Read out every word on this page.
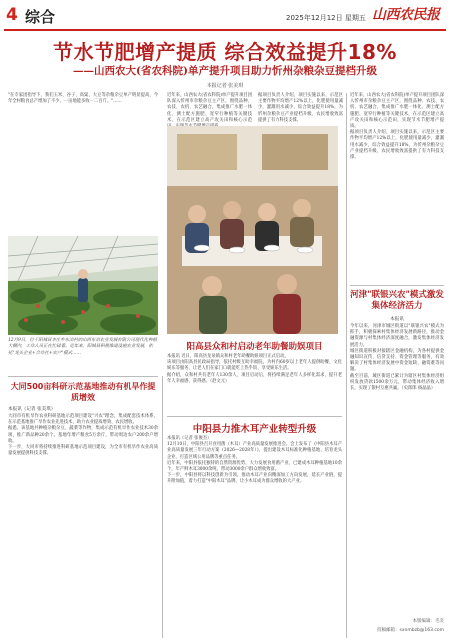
4 综合	2025年12月12日 星期五 山西农民报
节水节肥增产提质 综合效益提升18%
——山西农大(省农科院)单产提升项目助力忻州杂粮杂豆提档升级
本报记者 张美琪

"在专家团指导下，我们玉米、谷子、高粱、大豆等杂粮杂豆单产明显提高，今年全村粮食总产增加了不少，一亩地能多收一二百斤。"……

近年来，山西农大(省农科院)单产提升项目团队深入忻州市杂粮杂豆主产区，围绕品种、农技、农机、农艺融合，集成推广水肥一体化、测土配方施肥、宽窄行种植等关键技术，在示范区建立高产攻关田和核心示范

据项目负责人介绍，项目实施以来，示范区主要作物平均增产12%以上，化肥使用量减少，灌溉用水减少，综合效益提升18%，为忻州杂粮杂豆产业提档升级、农民增收致富提供了有力科技支撑。

12月9日，位于阳城县李庄乡东冶村的山西东冶农业发展有限公司现代化种植大棚内，工作人员正在忙碌着。近年来，阳城县积极推进设施农业发展，依托"龙头企业+合作社+农户"模式……

近年来，山西农大(省农科院)单产提升项目团队深入忻州市杂粮杂豆主产区，围绕品种、农技、农机、农艺融合，集成推广水肥一体化、测土配方施肥、宽窄行种植等关键技术，在示范区建立高产攻关田和核心示范田，实现节水节肥增产提质。

据项目负责人介绍，项目实施以来，示范区主要作物平均增产12%以上，化肥使用量减少，灌溉用水减少，综合效益提升18%，为忻州杂粮杂豆产业提档升级、农民增收致富提供了有力科技支撑。

河津"联银兴农"模式激发集体经济活力
本报讯

今年以来，河津市城区街道以"联银兴农"模式为抓手，积极探索村集体经济发展新路径，推动金融资源与村集体经济深度融合，激发集体经济发展活力。

城区街道积极对接辖区金融机构，为各村提供金融知识宣传、信贷支持、资金管理等服务，有效解决了村集体经济发展中资金短缺、融资难等问题。

截至目前，城区街道已累计为辖区村集体经济组织发放贷款1500余万元，带动集体经济收入增长，实现了银村互惠共赢。（史郎郎 杨晶晶）

大同500亩科研示范基地推动有机旱作提质增效
本报讯（记者 张美琪）

大同市有机旱作农业科研基地示范项目建设"兴农"理念，集成配套技术体系，在示范基地推广旱作农业先进技术，助力农业提质增效、农民增收。

据悉，该基地共种植杂粮杂豆、蔬菜等作物，集成示范有机旱作农业技术30余项，推广新品种20余个。基地年增产粮食5万余斤，带动周边农户200余户增收。

下一步，大同市将持续推进科研基地示范项目建设，为全市有机旱作农业高质量发展提供科技支撑。

阳高县众和村启动老年助餐助娱项目

本报讯 近日，阳高县龙泉镇众和村老年助餐助娱项目正式启动。

该项目由阳高县民政局指导，依托村级互助幸福院，为村内60岁以上老年人提供助餐、文化娱乐等服务，让老人们在家门口就能吃上热乎饭、享受娱乐生活。

据介绍，众和村共有老年人130余人，项目启动后，将持续满足老年人多样化需求，提升老年人幸福感、获得感。（赵文元）

中阳县力推木耳产业转型升级

本报讯（记者 张俊杰）

12月10日，中阳县召开食用菌（木耳）产业高质量发展推进会。会上发布了《中阳县木耳产业高质量发展三年行动方案（2026—2028年）》，提出建设木耳标准化种植基地、培育龙头企业、打造区域公用品牌等重点任务。

近年来，中阳县依托独特的自然资源优势，大力发展食用菌产业，已建成木耳种植基地10余个，年产鲜木耳3000余吨，带动3000余户群众增收致富。

下一步，中阳县将以科技创新为引领，推动木耳产业向精深加工方向发展，延长产业链，提升附加值，着力打造"中阳木耳"品牌，让小木耳成为群众增收的大产业。

本版编辑：毛炎
投稿邮箱：sxnmbzb@163.com
